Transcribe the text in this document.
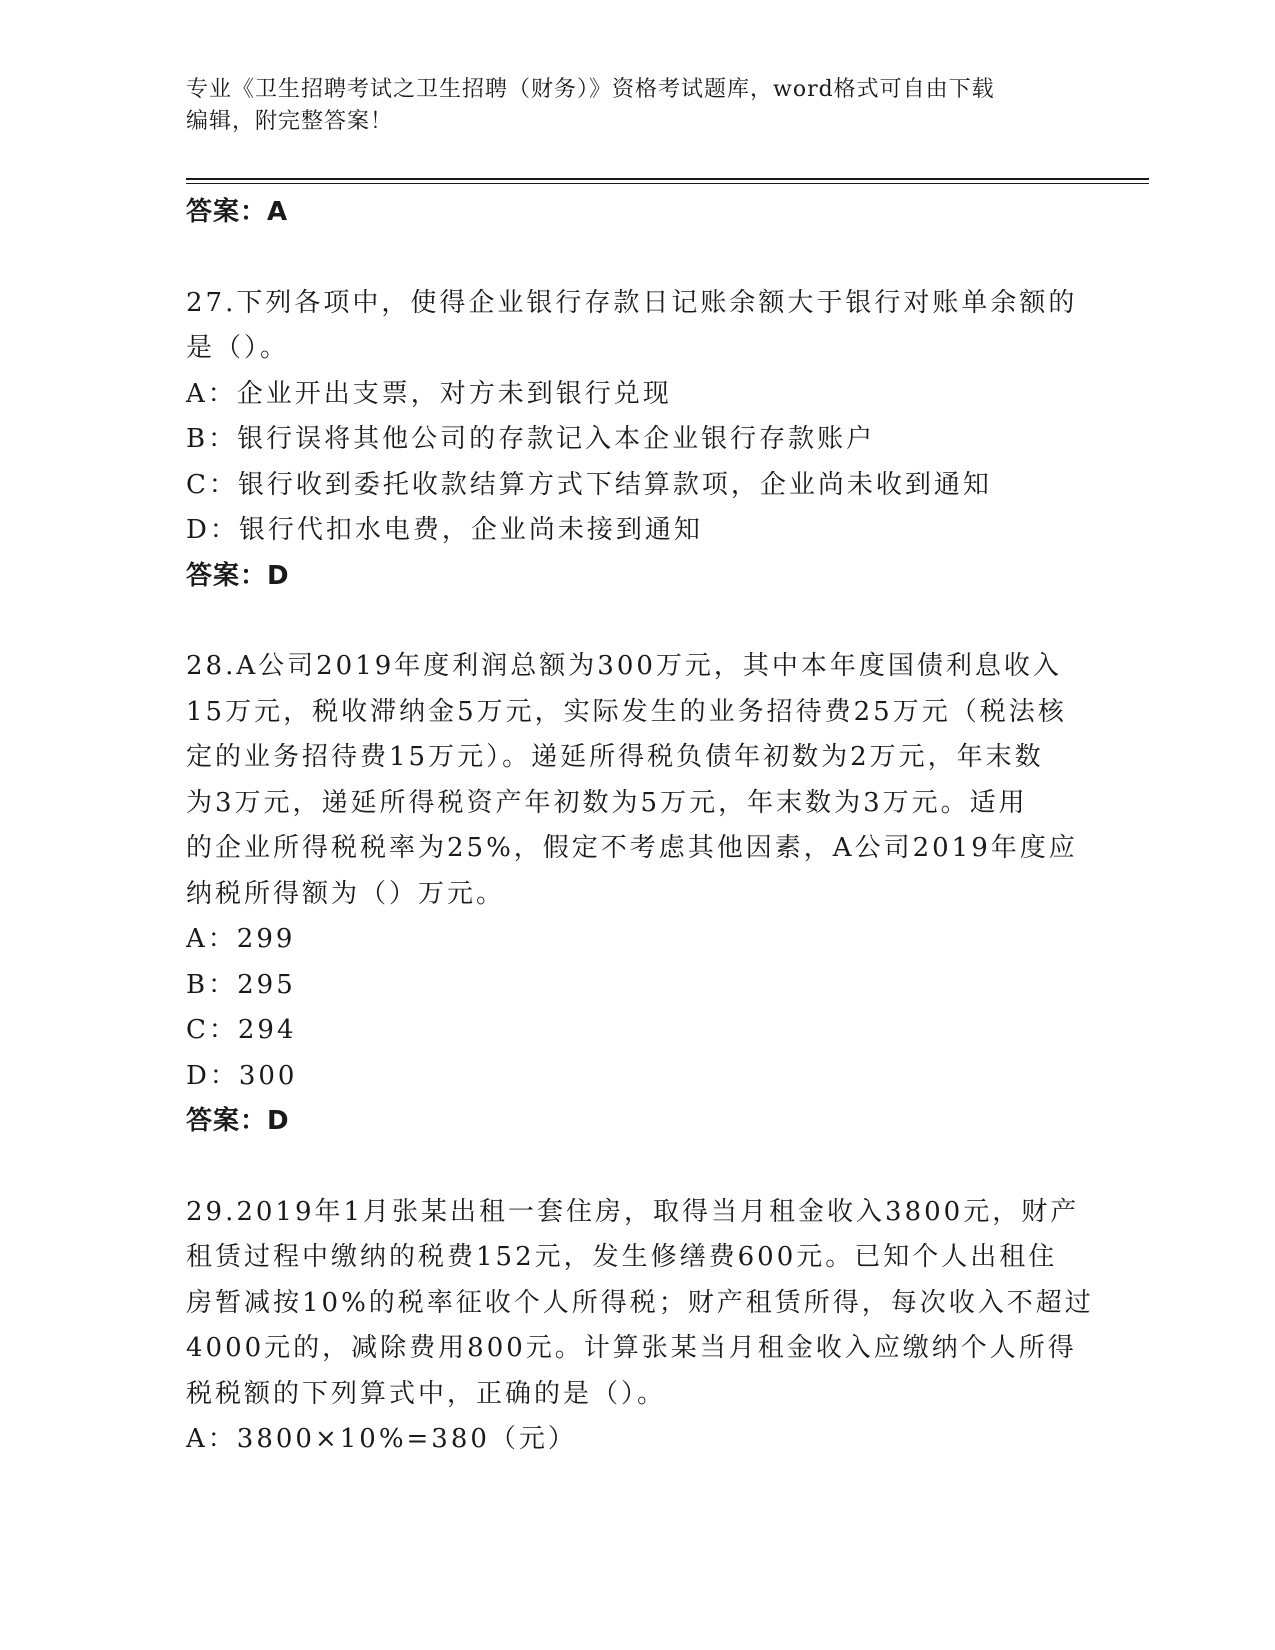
专业《卫生招聘考试之卫生招聘（财务）》资格考试题库，word格式可自由下载
编辑，附完整答案！
答案：A
27.下列各项中，使得企业银行存款日记账余额大于银行对账单余额的
是（）。
A：企业开出支票，对方未到银行兑现
B：银行误将其他公司的存款记入本企业银行存款账户
C：银行收到委托收款结算方式下结算款项，企业尚未收到通知
D：银行代扣水电费，企业尚未接到通知
答案：D
28.A公司2019年度利润总额为300万元，其中本年度国债利息收入
15万元，税收滞纳金5万元，实际发生的业务招待费25万元（税法核
定的业务招待费15万元）。递延所得税负债年初数为2万元，年末数
为3万元，递延所得税资产年初数为5万元，年末数为3万元。适用
的企业所得税税率为25%，假定不考虑其他因素，A公司2019年度应
纳税所得额为（）万元。
A：299
B：295
C：294
D：300
答案：D
29.2019年1月张某出租一套住房，取得当月租金收入3800元，财产
租赁过程中缴纳的税费152元，发生修缮费600元。已知个人出租住
房暂减按10%的税率征收个人所得税；财产租赁所得，每次收入不超过
4000元的，减除费用800元。计算张某当月租金收入应缴纳个人所得
税税额的下列算式中，正确的是（）。
A：3800×10%=380（元）
